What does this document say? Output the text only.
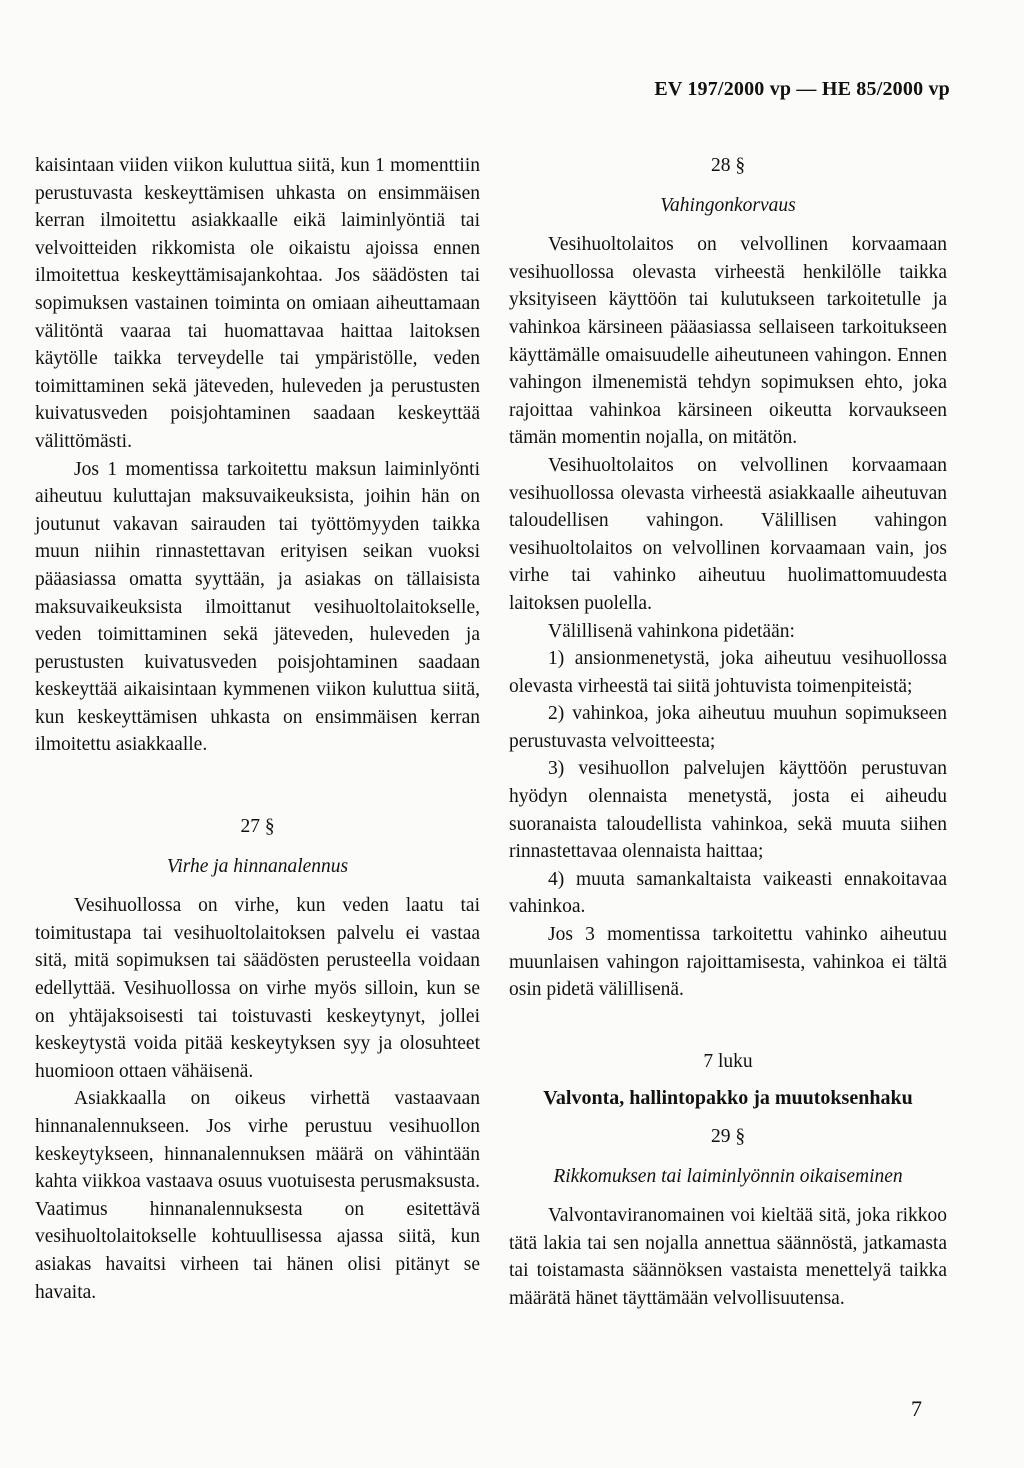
EV 197/2000 vp — HE 85/2000 vp

kaisintaan viiden viikon kuluttua siitä, kun 1 momenttiin perustuvasta keskeyttämisen uhkasta on ensimmäisen kerran ilmoitettu asiakkaalle eikä laiminlyöntiä tai velvoitteiden rikkomista ole oikaistu ajoissa ennen ilmoitettua keskeyttämisajankohtaa. Jos säädösten tai sopimuksen vastainen toiminta on omiaan aiheuttamaan välitöntä vaaraa tai huomattavaa haittaa laitoksen käytölle taikka terveydelle tai ympäristölle, veden toimittaminen sekä jäteveden, huleveden ja perustusten kuivatusveden poisjohtaminen saadaan keskeyttää välittömästi.

Jos 1 momentissa tarkoitettu maksun laiminlyönti aiheutuu kuluttajan maksuvaikeuksista, joihin hän on joutunut vakavan sairauden tai työttömyyden taikka muun niihin rinnastettavan erityisen seikan vuoksi pääasiassa omatta syyttään, ja asiakas on tällaisista maksuvaikeuksista ilmoittanut vesihuoltolaitokselle, veden toimittaminen sekä jäteveden, huleveden ja perustusten kuivatusveden poisjohtaminen saadaan keskeyttää aikaisintaan kymmenen viikon kuluttua siitä, kun keskeyttämisen uhkasta on ensimmäisen kerran ilmoitettu asiakkaalle.

27 §
Virhe ja hinnanalennus

Vesihuollossa on virhe, kun veden laatu tai toimitustapa tai vesihuoltolaitoksen palvelu ei vastaa sitä, mitä sopimuksen tai säädösten perusteella voidaan edellyttää. Vesihuollossa on virhe myös silloin, kun se on yhtäjaksoisesti tai toistuvasti keskeytynyt, jollei keskeytystä voida pitää keskeytyksen syy ja olosuhteet huomioon ottaen vähäisenä.

Asiakkaalla on oikeus virhettä vastaavaan hinnanalennukseen. Jos virhe perustuu vesihuollon keskeytykseen, hinnanalennuksen määrä on vähintään kahta viikkoa vastaava osuus vuotuisesta perusmaksusta. Vaatimus hinnanalennuksesta on esitettävä vesihuoltolaitokselle kohtuullisessa ajassa siitä, kun asiakas havaitsi virheen tai hänen olisi pitänyt se havaita.

28 §
Vahingonkorvaus

Vesihuoltolaitos on velvollinen korvaamaan vesihuollossa olevasta virheestä henkilölle taikka yksityiseen käyttöön tai kulutukseen tarkoitetulle ja vahinkoa kärsineen pääasiassa sellaiseen tarkoitukseen käyttämälle omaisuudelle aiheutuneen vahingon. Ennen vahingon ilmenemistä tehdyn sopimuksen ehto, joka rajoittaa vahinkoa kärsineen oikeutta korvaukseen tämän momentin nojalla, on mitätön.

Vesihuoltolaitos on velvollinen korvaamaan vesihuollossa olevasta virheestä asiakkaalle aiheutuvan taloudellisen vahingon. Välillisen vahingon vesihuoltolaitos on velvollinen korvaamaan vain, jos virhe tai vahinko aiheutuu huolimattomuudesta laitoksen puolella.

Välillisenä vahinkona pidetään:

1) ansionmenetystä, joka aiheutuu vesihuollossa olevasta virheestä tai siitä johtuvista toimenpiteistä;

2) vahinkoa, joka aiheutuu muuhun sopimukseen perustuvasta velvoitteesta;

3) vesihuollon palvelujen käyttöön perustuvan hyödyn olennaista menetystä, josta ei aiheudu suoranaista taloudellista vahinkoa, sekä muuta siihen rinnastettavaa olennaista haittaa;

4) muuta samankaltaista vaikeasti ennakoitavaa vahinkoa.

Jos 3 momentissa tarkoitettu vahinko aiheutuu muunlaisen vahingon rajoittamisesta, vahinkoa ei tältä osin pidetä välillisenä.

7 luku
Valvonta, hallintopakko ja muutoksenhaku
29 §
Rikkomuksen tai laiminlyönnin oikaiseminen

Valvontaviranomainen voi kieltää sitä, joka rikkoo tätä lakia tai sen nojalla annettua säännöstä, jatkamasta tai toistamasta säännöksen vastaista menettelyä taikka määrätä hänet täyttämään velvollisuutensa.

7
